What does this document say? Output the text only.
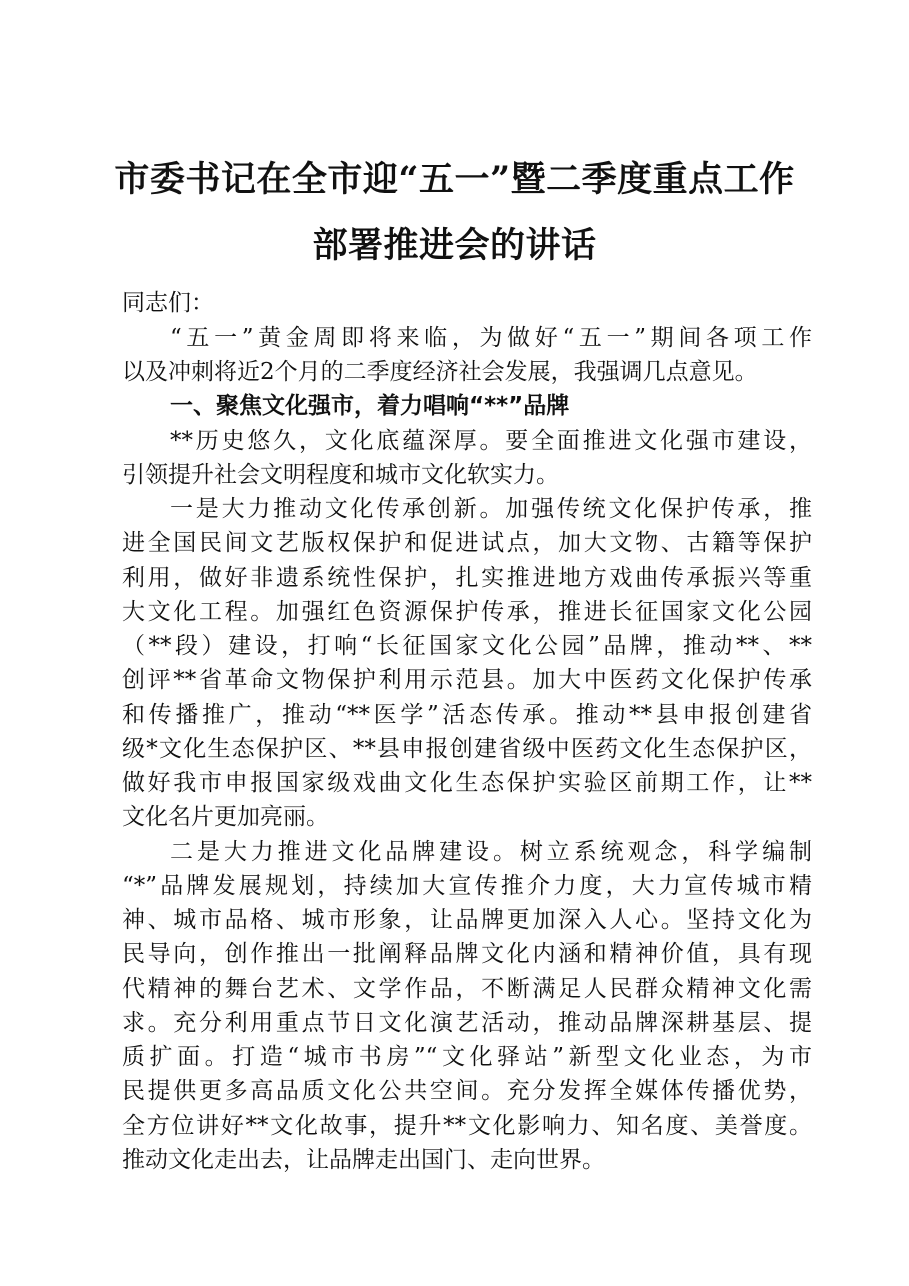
市委书记在全市迎“五一”暨二季度重点工作
部署推进会的讲话
同志们：
“五一”黄金周即将来临，为做好“五一”期间各项工作
以及冲刺将近2个月的二季度经济社会发展，我强调几点意见。
一、聚焦文化强市，着力唱响“**”品牌
**历史悠久，文化底蕴深厚。要全面推进文化强市建设，
引领提升社会文明程度和城市文化软实力。
一是大力推动文化传承创新。加强传统文化保护传承，推
进全国民间文艺版权保护和促进试点，加大文物、古籍等保护
利用，做好非遗系统性保护，扎实推进地方戏曲传承振兴等重
大文化工程。加强红色资源保护传承，推进长征国家文化公园
（**段）建设，打响“长征国家文化公园”品牌，推动**、**
创评**省革命文物保护利用示范县。加大中医药文化保护传承
和传播推广，推动“**医学”活态传承。推动**县申报创建省
级*文化生态保护区、**县申报创建省级中医药文化生态保护区，
做好我市申报国家级戏曲文化生态保护实验区前期工作，让**
文化名片更加亮丽。
二是大力推进文化品牌建设。树立系统观念，科学编制
“*”品牌发展规划，持续加大宣传推介力度，大力宣传城市精
神、城市品格、城市形象，让品牌更加深入人心。坚持文化为
民导向，创作推出一批阐释品牌文化内涵和精神价值，具有现
代精神的舞台艺术、文学作品，不断满足人民群众精神文化需
求。充分利用重点节日文化演艺活动，推动品牌深耕基层、提
质扩面。打造“城市书房”“文化驿站”新型文化业态，为市
民提供更多高品质文化公共空间。充分发挥全媒体传播优势，
全方位讲好**文化故事，提升**文化影响力、知名度、美誉度。
推动文化走出去，让品牌走出国门、走向世界。
